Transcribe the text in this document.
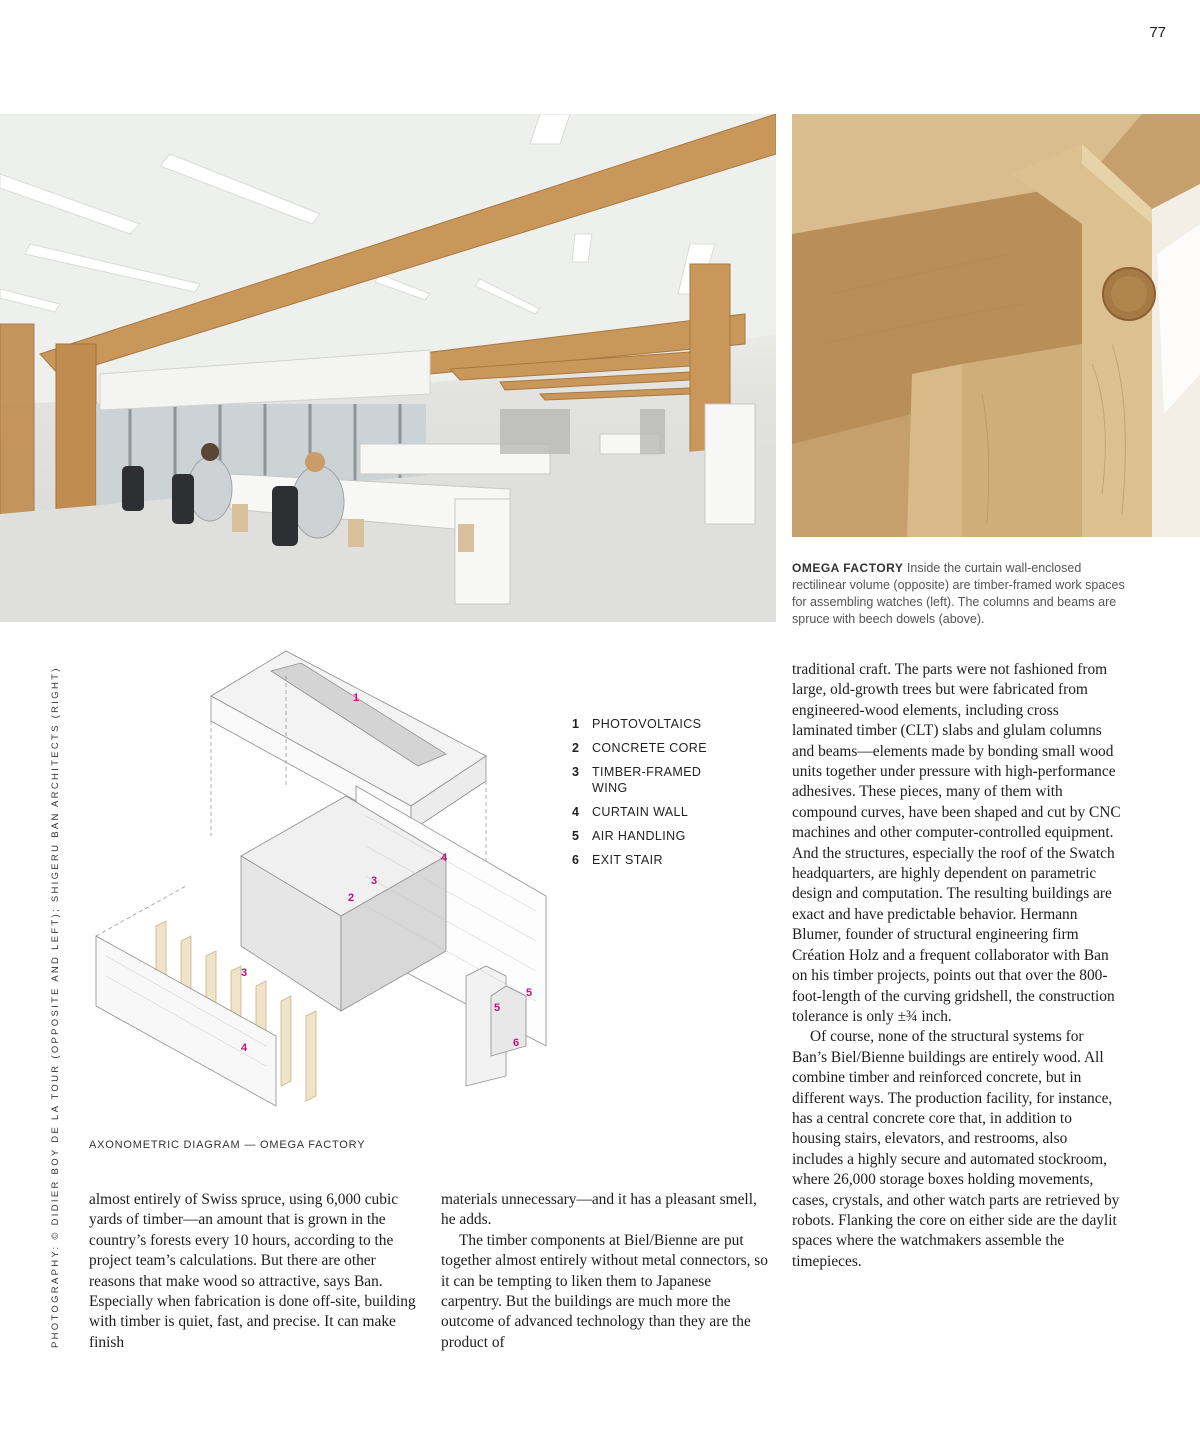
77
OMEGA FACTORY Inside the curtain wall-enclosed rectilinear volume (opposite) are timber-framed work spaces for assembling watches (left). The columns and beams are spruce with beech dowels (above).
1
2
3
3
4
4
5
5
6
1	PHOTOVOLTAICS
2	CONCRETE CORE
3	TIMBER-FRAMED WING
4	CURTAIN WALL
5	AIR HANDLING
6	EXIT STAIR
AXONOMETRIC DIAGRAM — OMEGA FACTORY
PHOTOGRAPHY: © DIDIER BOY DE LA TOUR (OPPOSITE AND LEFT); SHIGERU BAN ARCHITECTS (RIGHT) almost entirely of Swiss spruce, using 6,000 cubic yards of timber—an amount that is grown in the country’s forests every 10 hours, according to the project team’s calculations. But there are other reasons that make wood so attractive, says Ban. Especially when fabrication is done off-site, building with timber is quiet, fast, and precise. It can make finish

materials unnecessary—and it has a pleasant smell, he adds.

The timber components at Biel/Bienne are put together almost entirely without metal connectors, so it can be tempting to liken them to Japanese carpentry. But the buildings are much more the outcome of advanced technology than they are the product of

traditional craft. The parts were not fashioned from large, old-growth trees but were fabricated from engineered-wood elements, including cross laminated timber (CLT) slabs and glulam columns and beams—elements made by bonding small wood units together under pressure with high-performance adhesives. These pieces, many of them with compound curves, have been shaped and cut by CNC machines and other computer-controlled equipment. And the structures, especially the roof of the Swatch headquarters, are highly dependent on parametric design and computation. The resulting buildings are exact and have predictable behavior. Hermann Blumer, founder of structural engineering firm Création Holz and a frequent collaborator with Ban on his timber projects, points out that over the 800-foot-length of the curving gridshell, the construction tolerance is only ±¾ inch.

Of course, none of the structural systems for Ban’s Biel/Bienne buildings are entirely wood. All combine timber and reinforced concrete, but in different ways. The production facility, for instance, has a central concrete core that, in addition to housing stairs, elevators, and restrooms, also includes a highly secure and automated stockroom, where 26,000 storage boxes holding movements, cases, crystals, and other watch parts are retrieved by robots. Flanking the core on either side are the daylit spaces where the watchmakers assemble the timepieces.
